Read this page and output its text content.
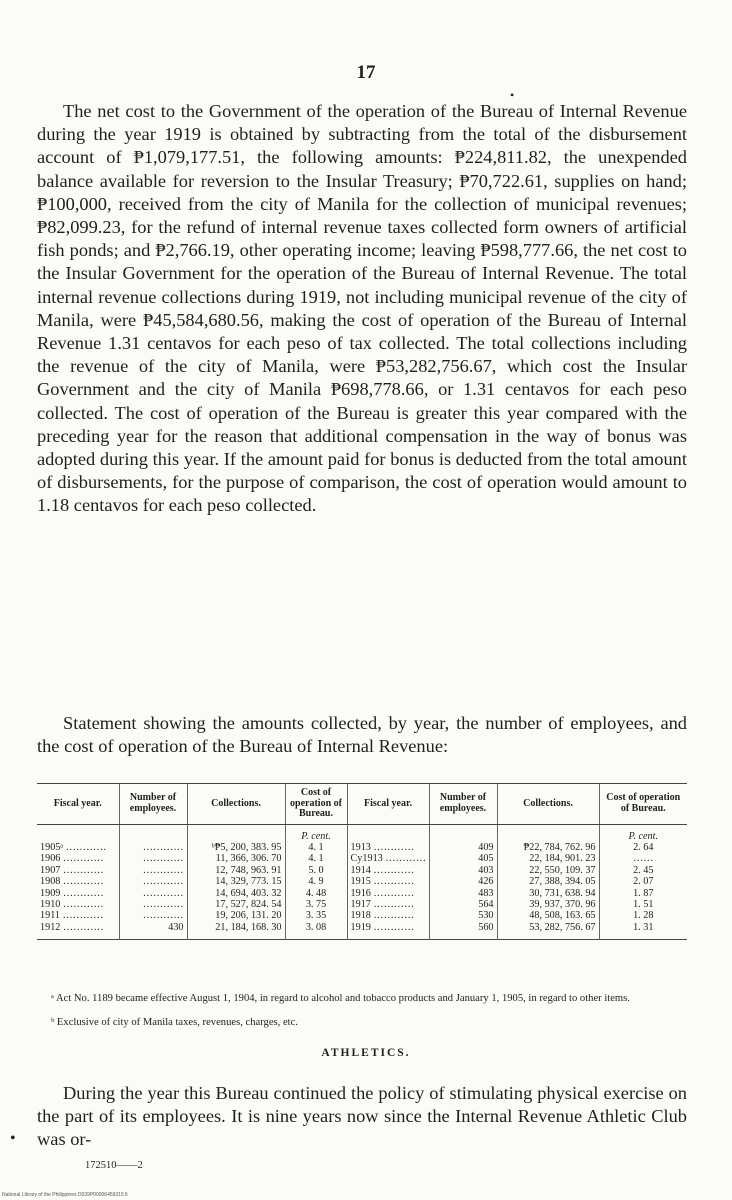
17

The net cost to the Government of the operation of the Bureau of Internal Revenue during the year 1919 is obtained by subtracting from the total of the disbursement account of ₱1,079,177.51, the following amounts: ₱224,811.82, the unexpended balance available for reversion to the Insular Treasury; ₱70,722.61, supplies on hand; ₱100,000, received from the city of Manila for the collection of municipal revenues; ₱82,099.23, for the refund of internal revenue taxes collected form owners of artificial fish ponds; and ₱2,766.19, other operating income; leaving ₱598,777.66, the net cost to the Insular Government for the operation of the Bureau of Internal Revenue. The total internal revenue collections during 1919, not including municipal revenue of the city of Manila, were ₱45,584,680.56, making the cost of operation of the Bureau of Internal Revenue 1.31 centavos for each peso of tax collected. The total collections including the revenue of the city of Manila, were ₱53,282,756.67, which cost the Insular Government and the city of Manila ₱698,778.66, or 1.31 centavos for each peso collected. The cost of operation of the Bureau is greater this year compared with the preceding year for the reason that additional compensation in the way of bonus was adopted during this year. If the amount paid for bonus is deducted from the total amount of disbursements, for the purpose of comparison, the cost of operation would amount to 1.18 centavos for each peso collected.

Statement showing the amounts collected, by year, the number of employees, and the cost of operation of the Bureau of Internal Revenue:

Fiscal year.	Number of employees.	Collections.	Cost of operation of Bureau.	Fiscal year.	Number of employees.	Collections.	Cost of operation of Bureau.
			P. cent.				P. cent.
1905ᵃ …………	…………	ᵇ₱5, 200, 383. 95	4. 1	1913 …………	409	₱22, 784, 762. 96	2. 64
1906 …………	…………	11, 366, 306. 70	4. 1	Cy1913 …………	405	22, 184, 901. 23	……
1907 …………	…………	12, 748, 963. 91	5. 0	1914 …………	403	22, 550, 109. 37	2. 45
1908 …………	…………	14, 329, 773. 15	4. 9	1915 …………	426	27, 388, 394. 05	2. 07
1909 …………	…………	14, 694, 403. 32	4. 48	1916 …………	483	30, 731, 638. 94	1. 87
1910 …………	…………	17, 527, 824. 54	3. 75	1917 …………	564	39, 937, 370. 96	1. 51
1911 …………	…………	19, 206, 131. 20	3. 35	1918 …………	530	48, 508, 163. 65	1. 28
1912 …………	430	21, 184, 168. 30	3. 08	1919 …………	560	53, 282, 756. 67	1. 31

ᵃ Act No. 1189 became effective August 1, 1904, in regard to alcohol and tobacco products and January 1, 1905, in regard to other items.

ᵇ Exclusive of city of Manila taxes, revenues, charges, etc.

ATHLETICS.

During the year this Bureau continued the policy of stimulating physical exercise on the part of its employees. It is nine years now since the Internal Revenue Athletic Club was or-

•
•
172510——2
National Library of the Philippines D039P00006459315 lt
